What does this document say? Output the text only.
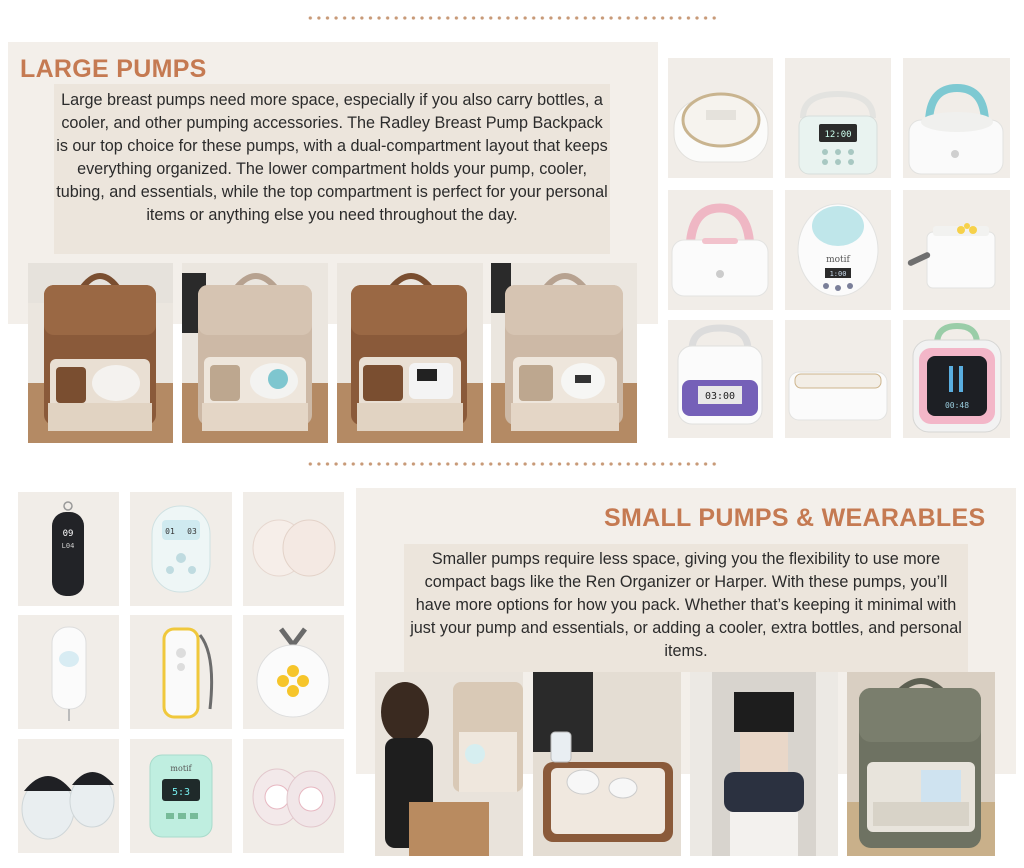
LARGE PUMPS
Large breast pumps need more space, especially if you also carry bottles, a cooler, and other pumping accessories. The Radley Breast Pump Backpack is our top choice for these pumps, with a dual-compartment layout that keeps everything organized. The lower compartment holds your pump, cooler, tubing, and essentials, while the top compartment is perfect for your personal items or anything else you need throughout the day.
12:00
motif
1:00
03:00
00:48
SMALL PUMPS & WEARABLES
Smaller pumps require less space, giving you the flexibility to use more compact bags like the Ren Organizer or Harper. With these pumps, you’ll have more options for how you pack. Whether that’s keeping it minimal with just your pump and essentials, or adding a cooler, extra bottles, and personal items.
09
L04
01 03
motif
5:3
